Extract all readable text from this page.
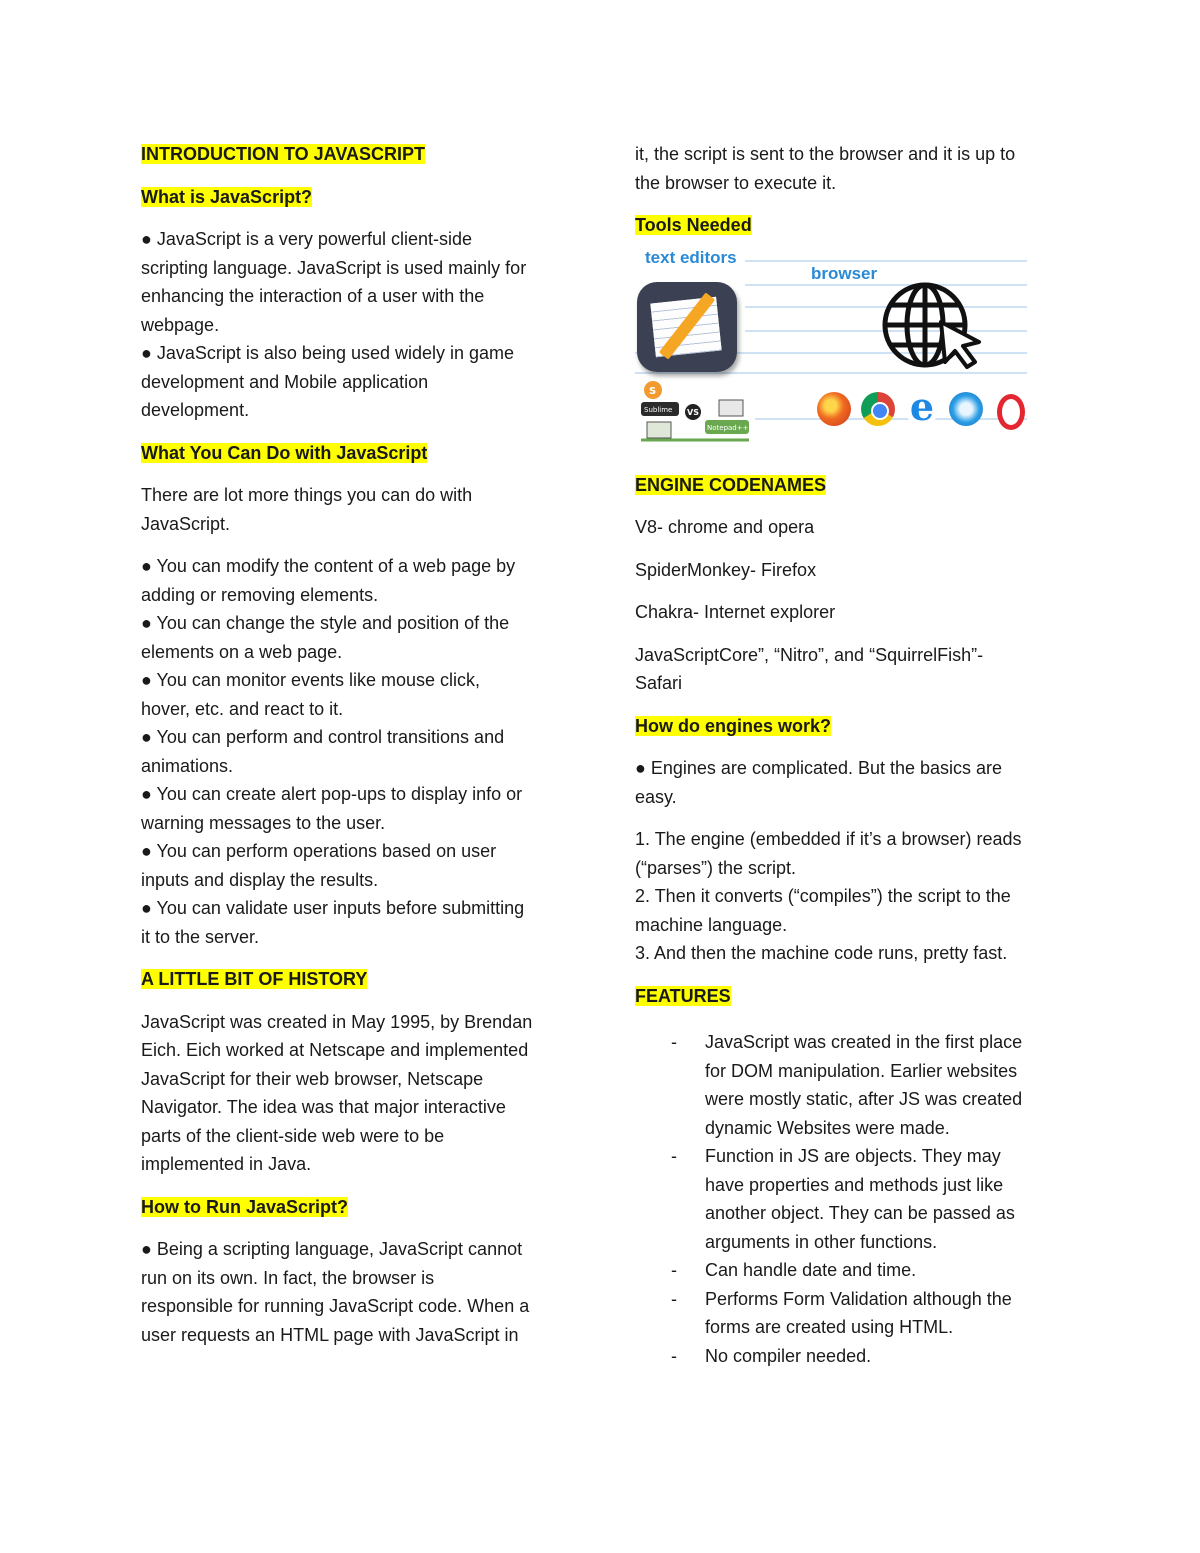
INTRODUCTION TO JAVASCRIPT

What is JavaScript?

● JavaScript is a very powerful client-side
scripting language. JavaScript is used mainly for
enhancing the interaction of a user with the
webpage.
● JavaScript is also being used widely in game
development and Mobile application
development.

What You Can Do with JavaScript

There are lot more things you can do with
JavaScript.
● You can modify the content of a web page by
adding or removing elements.
● You can change the style and position of the
elements on a web page.
● You can monitor events like mouse click,
hover, etc. and react to it.
● You can perform and control transitions and
animations.
● You can create alert pop-ups to display info or
warning messages to the user.
● You can perform operations based on user
inputs and display the results.
● You can validate user inputs before submitting
it to the server.

A LITTLE BIT OF HISTORY

JavaScript was created in May 1995, by Brendan
Eich. Eich worked at Netscape and implemented
JavaScript for their web browser, Netscape
Navigator. The idea was that major interactive
parts of the client-side web were to be
implemented in Java.

How to Run JavaScript?

● Being a scripting language, JavaScript cannot
run on its own. In fact, the browser is
responsible for running JavaScript code. When a
user requests an HTML page with JavaScript in
it, the script is sent to the browser and it is up to
the browser to execute it.

Tools Needed

text editors
browser
S
Sublime VS
Notepad++	e

ENGINE CODENAMES

V8- chrome and opera

SpiderMonkey- Firefox

Chakra- Internet explorer

JavaScriptCore”, “Nitro”, and “SquirrelFish”-
Safari

How do engines work?

● Engines are complicated. But the basics are
easy.
1. The engine (embedded if it’s a browser) reads
(“parses”) the script.
2. Then it converts (“compiles”) the script to the
machine language.
3. And then the machine code runs, pretty fast.

FEATURES

- JavaScript was created in the first place
for DOM manipulation. Earlier websites
were mostly static, after JS was created
dynamic Websites were made.
- Function in JS are objects. They may
have properties and methods just like
another object. They can be passed as
arguments in other functions.
- Can handle date and time.
- Performs Form Validation although the
forms are created using HTML.
- No compiler needed.
